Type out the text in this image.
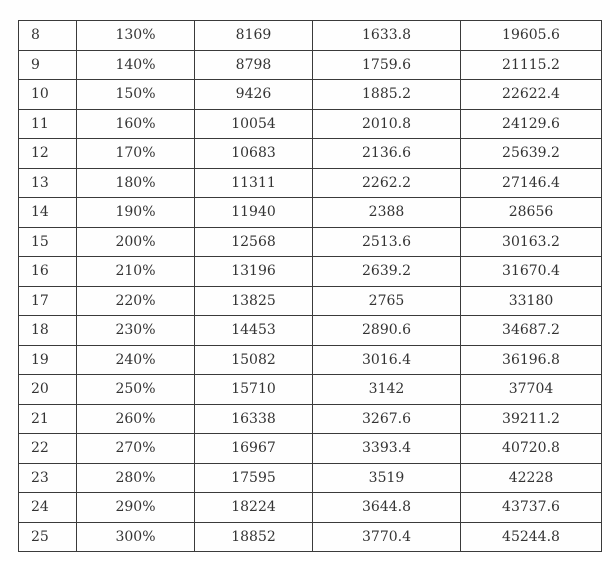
8	130%	8169	1633.8	19605.6
9	140%	8798	1759.6	21115.2
10	150%	9426	1885.2	22622.4
11	160%	10054	2010.8	24129.6
12	170%	10683	2136.6	25639.2
13	180%	11311	2262.2	27146.4
14	190%	11940	2388	28656
15	200%	12568	2513.6	30163.2
16	210%	13196	2639.2	31670.4
17	220%	13825	2765	33180
18	230%	14453	2890.6	34687.2
19	240%	15082	3016.4	36196.8
20	250%	15710	3142	37704
21	260%	16338	3267.6	39211.2
22	270%	16967	3393.4	40720.8
23	280%	17595	3519	42228
24	290%	18224	3644.8	43737.6
25	300%	18852	3770.4	45244.8
